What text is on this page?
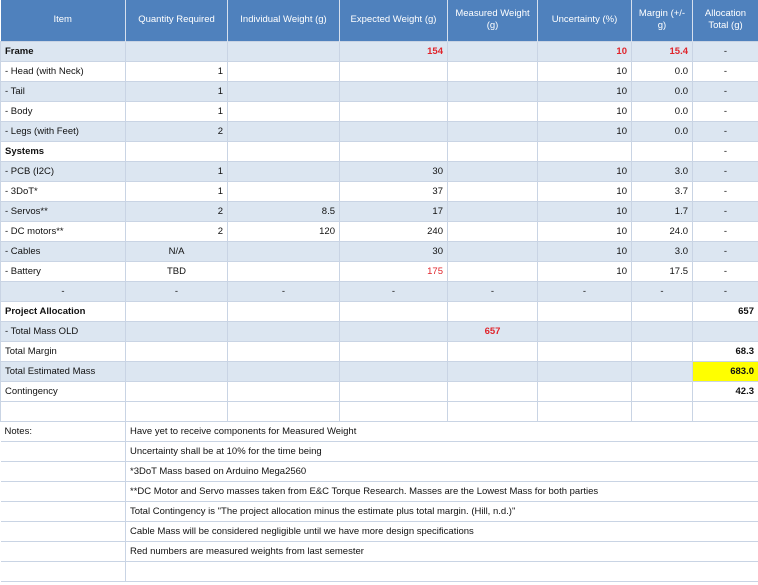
Item	Quantity Required	Individual Weight (g)	Expected Weight (g)	Measured Weight (g)	Uncertainty (%)	Margin (+/- g)	Allocation Total (g)
Frame			154		10	15.4	-
- Head (with Neck)	1				10	0.0	-
- Tail	1				10	0.0	-
- Body	1				10	0.0	-
- Legs (with Feet)	2				10	0.0	-
Systems							-
- PCB (I2C)	1		30		10	3.0	-
- 3DoT*	1		37		10	3.7	-
- Servos**	2	8.5	17		10	1.7	-
- DC motors**	2	120	240		10	24.0	-
- Cables	N/A		30		10	3.0	-
- Battery	TBD		175		10	17.5	-
-	-	-	-	-	-	-	-
Project Allocation							657
- Total Mass OLD				657			
Total Margin							68.3
Total Estimated Mass							683.0
Contingency							42.3

Notes:	Have yet to receive components for Measured Weight						
	Uncertainty shall be at 10% for the time being						
	*3DoT Mass based on Arduino Mega2560						
	**DC Motor and Servo masses taken from E&C Torque Research. Masses are the Lowest Mass for both parties						
	Total Contingency is "The project allocation minus the estimate plus total margin. (Hill, n.d.)"						
	Cable Mass will be considered negligible until we have more design specifications						
	Red numbers are measured weights from last semester						
